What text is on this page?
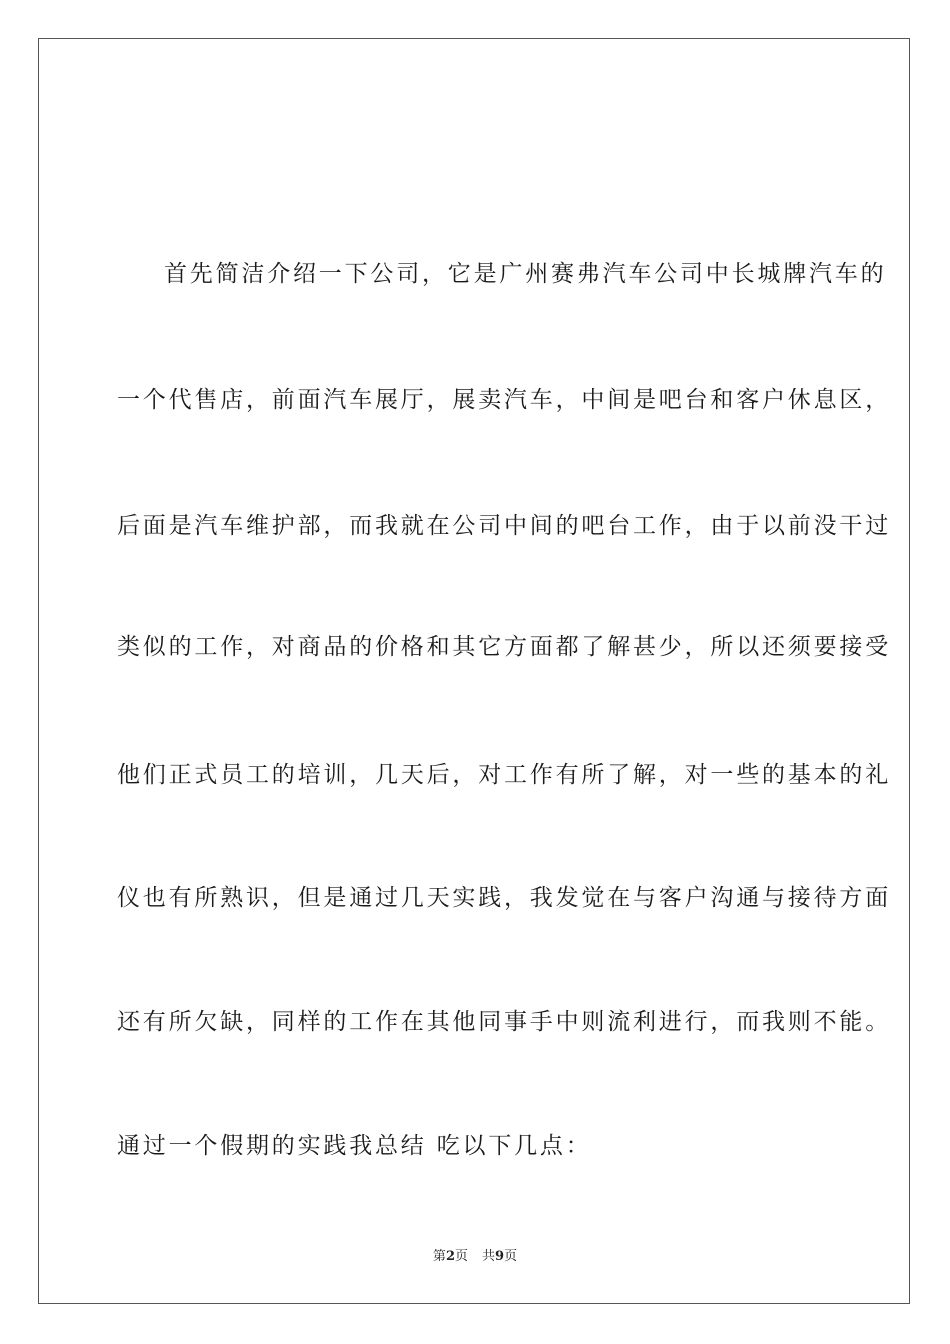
首先简洁介绍一下公司，它是广州赛弗汽车公司中长城牌汽车的
一个代售店，前面汽车展厅，展卖汽车，中间是吧台和客户休息区，
后面是汽车维护部，而我就在公司中间的吧台工作，由于以前没干过
类似的工作，对商品的价格和其它方面都了解甚少，所以还须要接受
他们正式员工的培训，几天后，对工作有所了解，对一些的基本的礼
仪也有所熟识，但是通过几天实践，我发觉在与客户沟通与接待方面
还有所欠缺，同样的工作在其他同事手中则流利进行，而我则不能。
通过一个假期的实践我总结 吃以下几点：
第2页 共9页
